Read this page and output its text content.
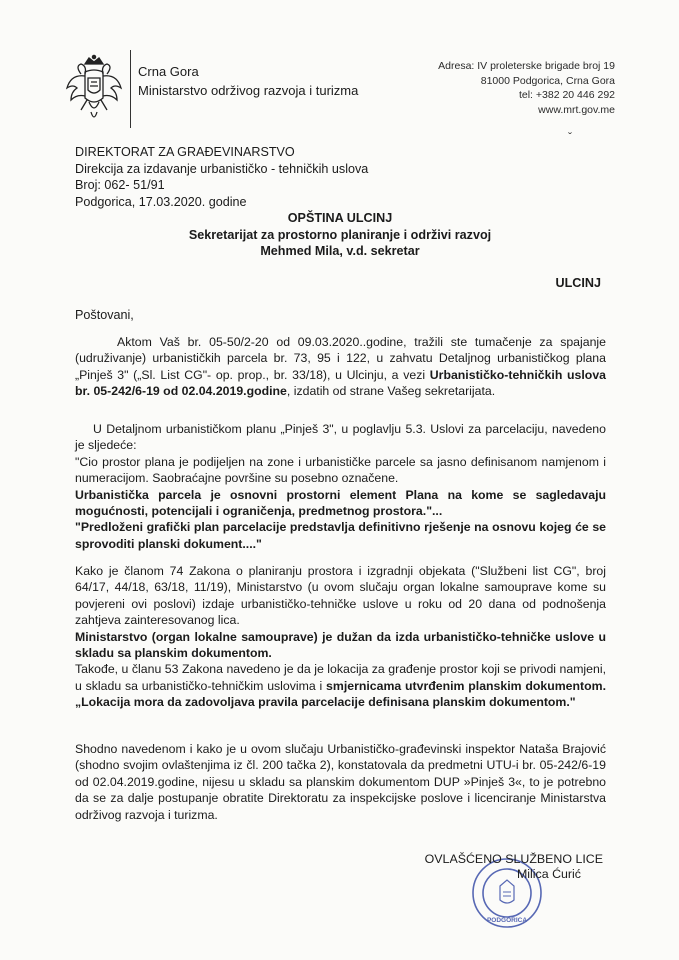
Crna Gora
Ministarstvo održivog razvoja i turizma
Adresa: IV proleterske brigade broj 19
81000 Podgorica, Crna Gora
tel: +382 20 446 292
www.mrt.gov.me
ˇ
DIREKTORAT ZA GRAĐEVINARSTVO
Direkcija za izdavanje urbanističko - tehničkih uslova
Broj: 062- 51/91
Podgorica, 17.03.2020. godine
OPŠTINA ULCINJ
Sekretarijat za prostorno planiranje i održivi razvoj
Mehmed Mila, v.d. sekretar
ULCINJ
Poštovani,

Aktom Vaš br. 05-50/2-20 od 09.03.2020..godine, tražili ste tumačenje za spajanje (udruživanje) urbanističkih parcela br. 73, 95 i 122, u zahvatu Detaljnog urbanističkog plana „Pinješ 3" („Sl. List CG"- op. prop., br. 33/18), u Ulcinju, a vezi Urbanističko-tehničkih uslova br. 05-242/6-19 od 02.04.2019.godine, izdatih od strane Vašeg sekretarijata.

U Detaljnom urbanističkom planu „Pinješ 3", u poglavlju 5.3. Uslovi za parcelaciju, navedeno je sljedeće:

"Cio prostor plana je podijeljen na zone i urbanističke parcele sa jasno definisanom namjenom i numeracijom. Saobraćajne površine su posebno označene.

Urbanistička parcela je osnovni prostorni element Plana na kome se sagledavaju mogućnosti, potencijali i ograničenja, predmetnog prostora."...

"Predloženi grafički plan parcelacije predstavlja definitivno rješenje na osnovu kojeg će se sprovoditi planski dokument...."

Kako je članom 74 Zakona o planiranju prostora i izgradnji objekata ("Službeni list CG", broj 64/17, 44/18, 63/18, 11/19), Ministarstvo (u ovom slučaju organ lokalne samouprave kome su povjereni ovi poslovi) izdaje urbanističko-tehničke uslove u roku od 20 dana od podnošenja zahtjeva zainteresovanog lica.

Ministarstvo (organ lokalne samouprave) je dužan da izda urbanističko-tehničke uslove u skladu sa planskim dokumentom.

Takođe, u članu 53 Zakona navedeno je da je lokacija za građenje prostor koji se privodi namjeni, u skladu sa urbanističko-tehničkim uslovima i smjernicama utvrđenim planskim dokumentom. „Lokacija mora da zadovoljava pravila parcelacije definisana planskim dokumentom."

Shodno navedenom i kako je u ovom slučaju Urbanističko-građevinski inspektor Nataša Brajović (shodno svojim ovlaštenjima iz čl. 200 tačka 2), konstatovala da predmetni UTU-i br. 05-242/6-19 od 02.04.2019.godine, nijesu u skladu sa planskim dokumentom DUP »Pinješ 3«, to je potrebno da se za dalje postupanje obratite Direktoratu za inspekcijske poslove i licenciranje Ministarstva održivog razvoja i turizma.

PODGORICA
OVLAŠĆENO SLUŽBENO LICE
Milica Ćurić
